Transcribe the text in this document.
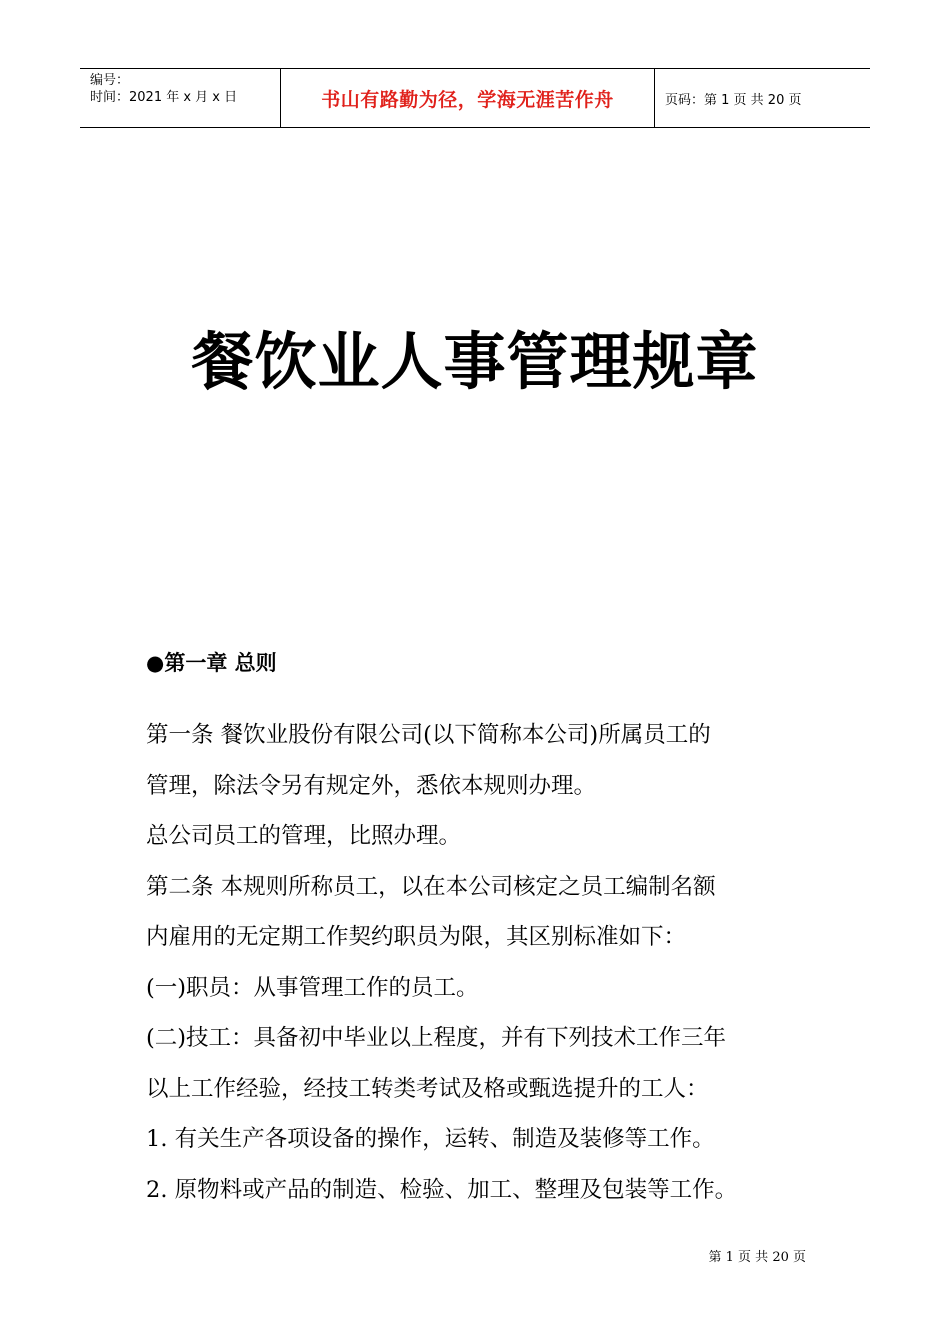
编号：
时间：2021 年 x 月 x 日	书山有路勤为径，学海无涯苦作舟	页码：第 1 页 共 20 页
餐饮业人事管理规章
●第一章 总则
第一条 餐饮业股份有限公司(以下简称本公司)所属员工的
管理，除法令另有规定外，悉依本规则办理。
总公司员工的管理，比照办理。
第二条 本规则所称员工，以在本公司核定之员工编制名额
内雇用的无定期工作契约职员为限，其区别标准如下：
(一)职员：从事管理工作的员工。
(二)技工：具备初中毕业以上程度，并有下列技术工作三年
以上工作经验，经技工转类考试及格或甄选提升的工人：
1. 有关生产各项设备的操作，运转、制造及装修等工作。
2. 原物料或产品的制造、检验、加工、整理及包装等工作。
第 1 页 共 20 页
